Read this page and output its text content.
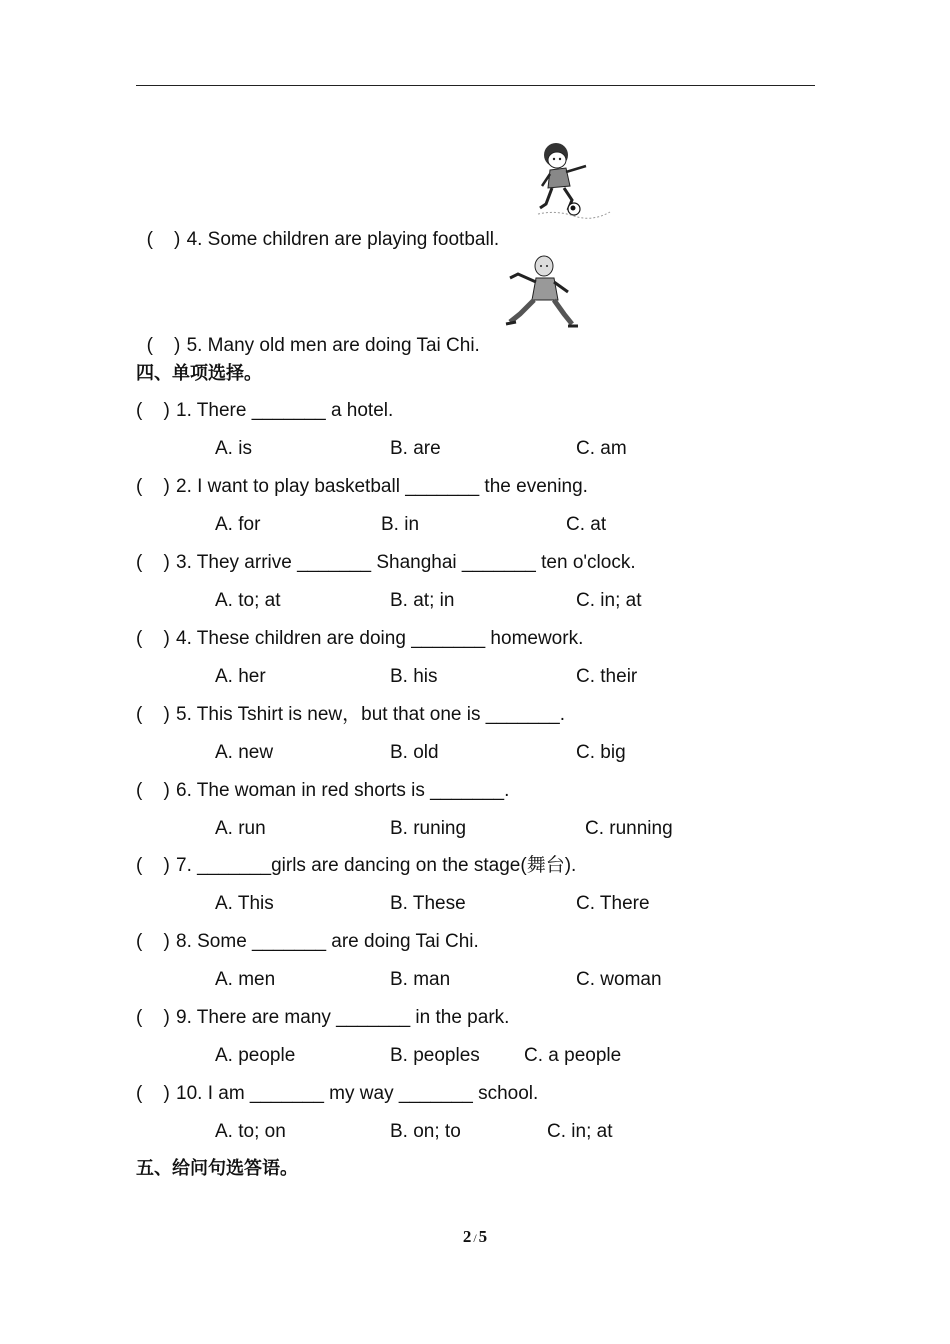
(    ) 4. Some children are playing football.

(    ) 5. Many old men are doing Tai Chi.

四、单项选择。
(    ) 1. There _______ a hotel.
A. is	B. are	C. am
(    ) 2. I want to play basketball _______ the evening.
A. for	B. in	C. at
(    ) 3. They arrive _______ Shanghai _______ ten o'clock.
A. to; at	B. at; in	C. in; at
(    ) 4. These children are doing _______ homework.
A. her	B. his	C. their
(    ) 5. This Tshirt is new，but that one is _______.
A. new	B. old	C. big
(    ) 6. The woman in red shorts is _______.
A. run	B. runing	C. running
(    ) 7. _______girls are dancing on the stage(舞台).
A. This	B. These	C. There
(    ) 8. Some _______ are doing Tai Chi.
A. men	B. man	C. woman
(    ) 9. There are many _______ in the park.
A. people	B. peoples C. a people
(    ) 10. I am _______ my way _______ school.
A. to; on	B. on; to	C. in; at
五、给问句选答语。
2 / 5
